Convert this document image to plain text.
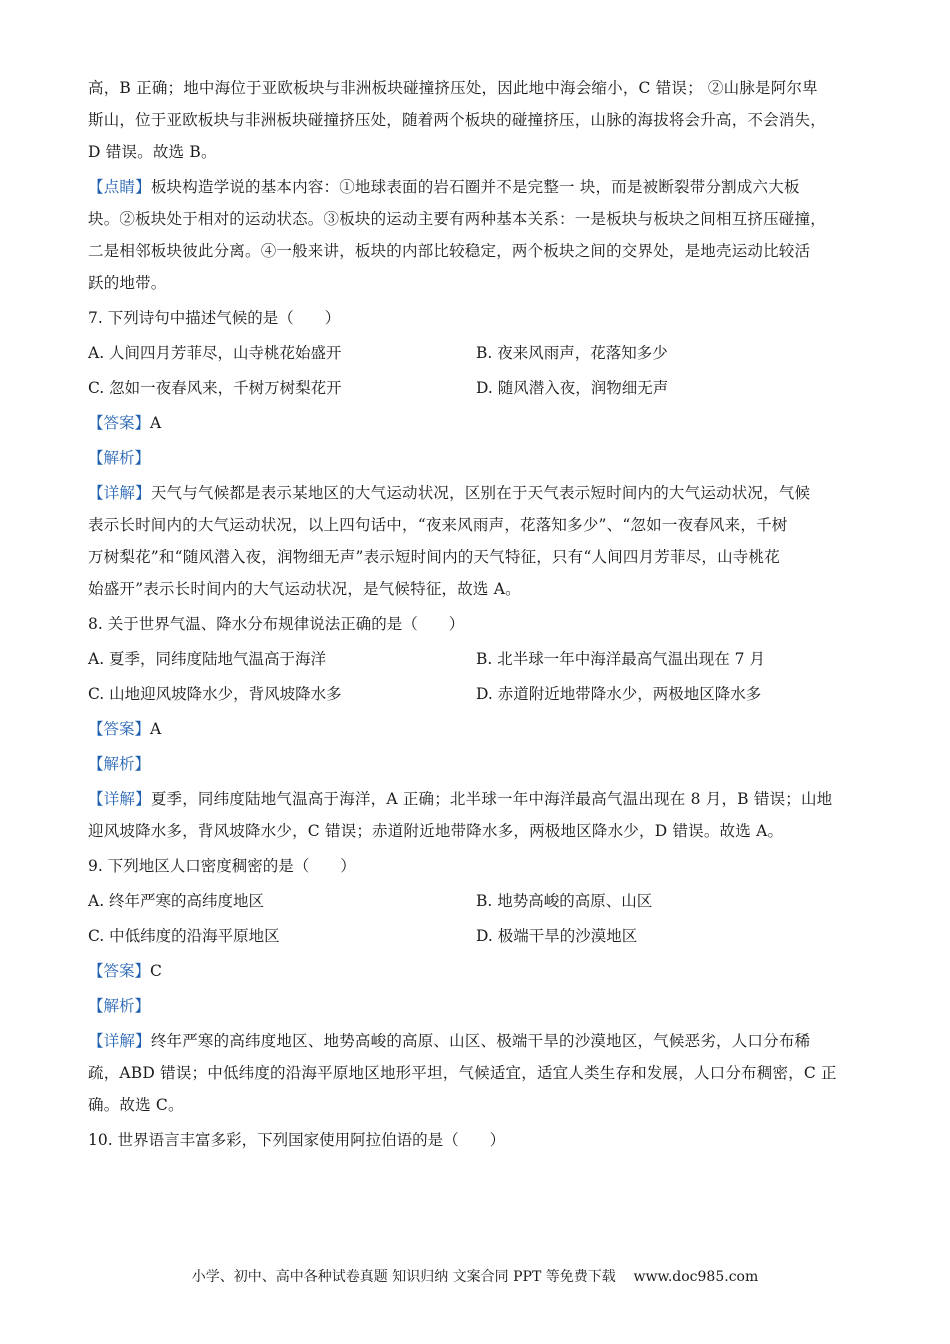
高，B 正确；地中海位于亚欧板块与非洲板块碰撞挤压处，因此地中海会缩小，C 错误； ②山脉是阿尔卑
斯山，位于亚欧板块与非洲板块碰撞挤压处，随着两个板块的碰撞挤压，山脉的海拔将会升高，不会消失，
D 错误。故选 B。
【点睛】板块构造学说的基本内容：①地球表面的岩石圈并不是完整一 块，而是被断裂带分割成六大板
块。②板块处于相对的运动状态。③板块的运动主要有两种基本关系：一是板块与板块之间相互挤压碰撞，
二是相邻板块彼此分离。④一般来讲，板块的内部比较稳定，两个板块之间的交界处，是地壳运动比较活
跃的地带。
7. 下列诗句中描述气候的是（　　）
A. 人间四月芳菲尽，山寺桃花始盛开	B. 夜来风雨声，花落知多少
C. 忽如一夜春风来，千树万树梨花开	D. 随风潜入夜，润物细无声
【答案】A
【解析】
【详解】天气与气候都是表示某地区的大气运动状况，区别在于天气表示短时间内的大气运动状况，气候
表示长时间内的大气运动状况，以上四句话中，“夜来风雨声，花落知多少”、“忽如一夜春风来，千树
万树梨花”和“随风潜入夜，润物细无声”表示短时间内的天气特征，只有“人间四月芳菲尽，山寺桃花
始盛开”表示长时间内的大气运动状况，是气候特征，故选 A。
8. 关于世界气温、降水分布规律说法正确的是（　　）
A. 夏季，同纬度陆地气温高于海洋	B. 北半球一年中海洋最高气温出现在 7 月
C. 山地迎风坡降水少，背风坡降水多	D. 赤道附近地带降水少，两极地区降水多
【答案】A
【解析】
【详解】夏季，同纬度陆地气温高于海洋，A 正确；北半球一年中海洋最高气温出现在 8 月，B 错误；山地
迎风坡降水多，背风坡降水少，C 错误；赤道附近地带降水多，两极地区降水少，D 错误。故选 A。
9. 下列地区人口密度稠密的是（　　）
A. 终年严寒的高纬度地区	B. 地势高峻的高原、山区
C. 中低纬度的沿海平原地区	D. 极端干旱的沙漠地区
【答案】C
【解析】
【详解】终年严寒的高纬度地区、地势高峻的高原、山区、极端干旱的沙漠地区，气候恶劣，人口分布稀
疏，ABD 错误；中低纬度的沿海平原地区地形平坦，气候适宜，适宜人类生存和发展，人口分布稠密，C 正
确。故选 C。
10. 世界语言丰富多彩，下列国家使用阿拉伯语的是（　　）
小学、初中、高中各种试卷真题 知识归纳 文案合同 PPT 等免费下载 www.doc985.com
